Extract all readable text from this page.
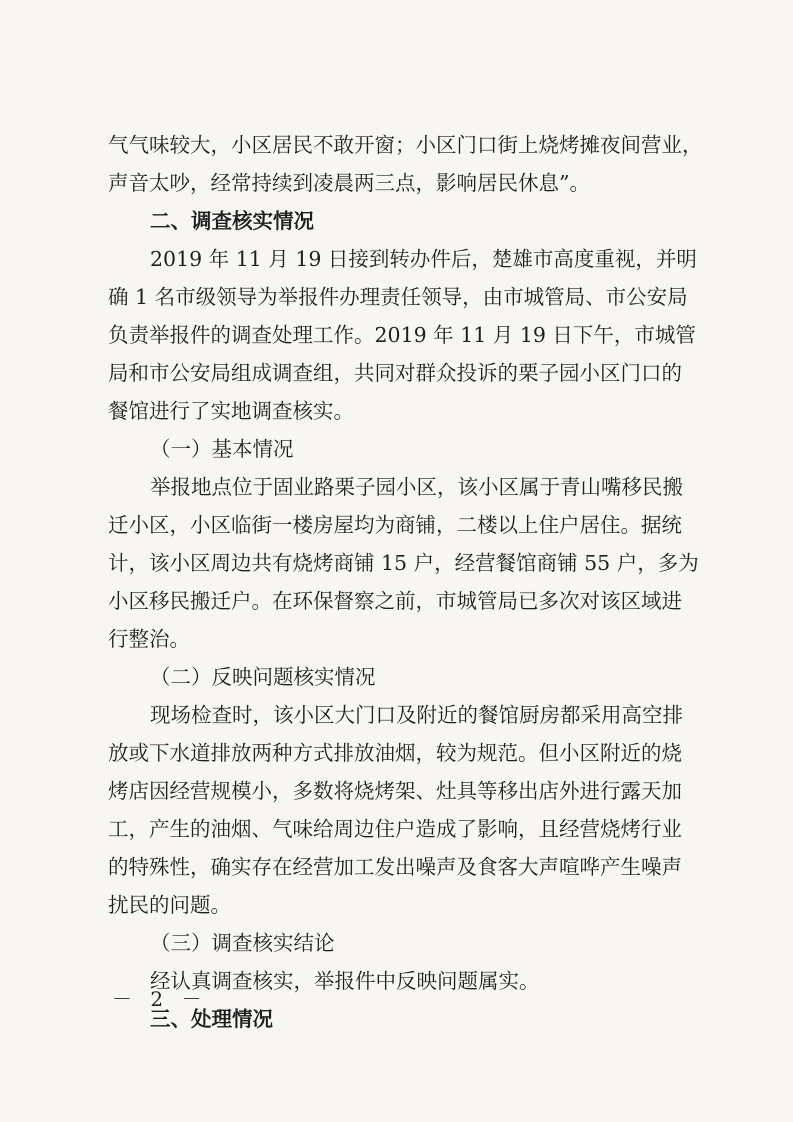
气气味较大，小区居民不敢开窗；小区门口街上烧烤摊夜间营业，
声音太吵，经常持续到凌晨两三点，影响居民休息”。
二、调查核实情况
2019 年 11 月 19 日接到转办件后，楚雄市高度重视，并明
确 1 名市级领导为举报件办理责任领导，由市城管局、市公安局
负责举报件的调查处理工作。2019 年 11 月 19 日下午，市城管
局和市公安局组成调查组，共同对群众投诉的栗子园小区门口的
餐馆进行了实地调查核实。
（一）基本情况
举报地点位于固业路栗子园小区，该小区属于青山嘴移民搬
迁小区，小区临街一楼房屋均为商铺，二楼以上住户居住。据统
计，该小区周边共有烧烤商铺 15 户，经营餐馆商铺 55 户，多为
小区移民搬迁户。在环保督察之前，市城管局已多次对该区域进
行整治。
（二）反映问题核实情况
现场检查时，该小区大门口及附近的餐馆厨房都采用高空排
放或下水道排放两种方式排放油烟，较为规范。但小区附近的烧
烤店因经营规模小，多数将烧烤架、灶具等移出店外进行露天加
工，产生的油烟、气味给周边住户造成了影响，且经营烧烤行业
的特殊性，确实存在经营加工发出噪声及食客大声喧哗产生噪声
扰民的问题。
（三）调查核实结论
经认真调查核实，举报件中反映问题属实。
三、处理情况
－ 2 －
